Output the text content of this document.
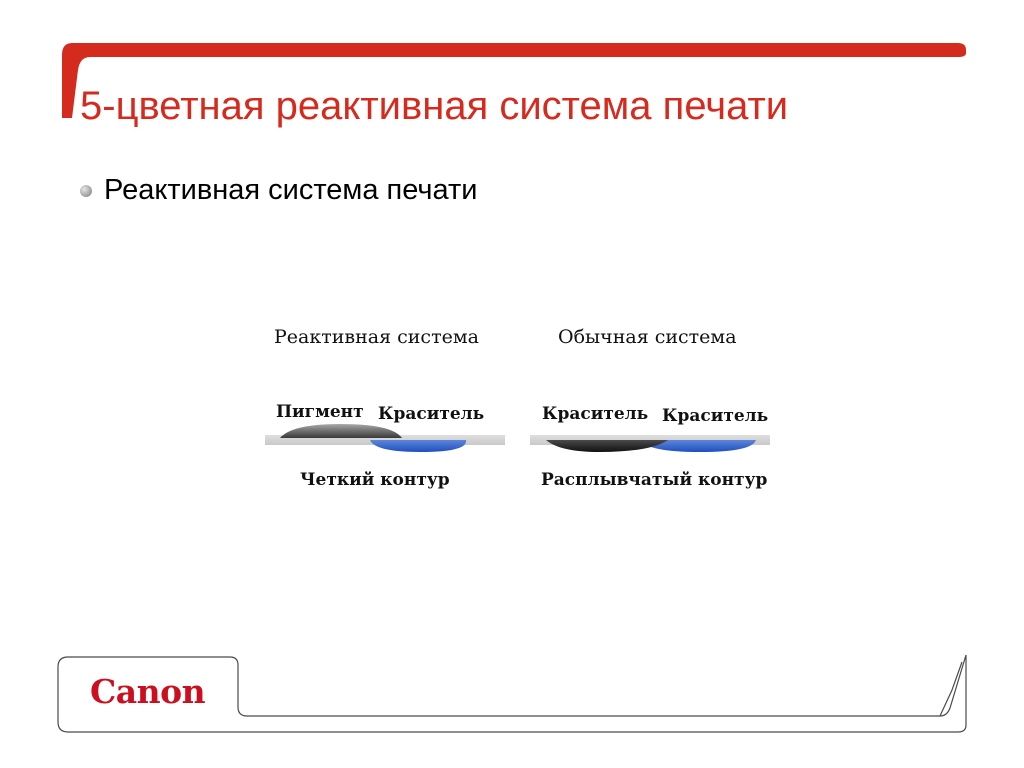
5-цветная реактивная система печати
Реактивная система печати
Реактивная система	Обычная система
Пигмент Краситель	Краситель Краситель
Четкий контур	Расплывчатый контур
Canon
